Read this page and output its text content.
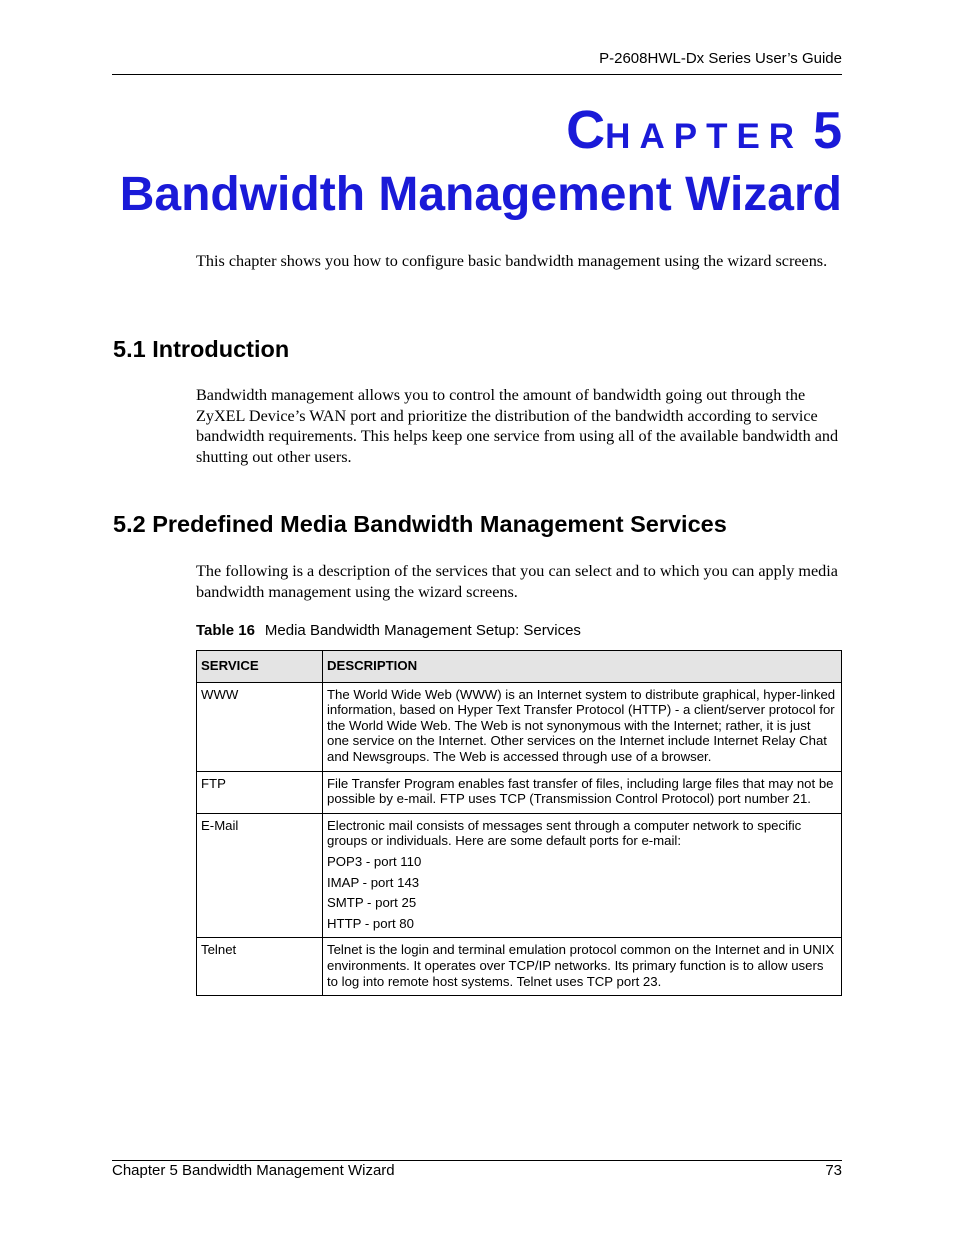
P-2608HWL-Dx Series User’s Guide
CHAPTER 5
Bandwidth Management Wizard
This chapter shows you how to configure basic bandwidth management using the wizard screens.
5.1 Introduction
Bandwidth management allows you to control the amount of bandwidth going out through the ZyXEL Device’s WAN port and prioritize the distribution of the bandwidth according to service bandwidth requirements. This helps keep one service from using all of the available bandwidth and shutting out other users.
5.2 Predefined Media Bandwidth Management Services
The following is a description of the services that you can select and to which you can apply media bandwidth management using the wizard screens.
Table 16 Media Bandwidth Management Setup: Services
SERVICE	DESCRIPTION
WWW	The World Wide Web (WWW) is an Internet system to distribute graphical, hyper-linked information, based on Hyper Text Transfer Protocol (HTTP) - a client/server protocol for the World Wide Web. The Web is not synonymous with the Internet; rather, it is just one service on the Internet. Other services on the Internet include Internet Relay Chat and Newsgroups. The Web is accessed through use of a browser.

FTP	File Transfer Program enables fast transfer of files, including large files that may not be possible by e-mail. FTP uses TCP (Transmission Control Protocol) port number 21.

E-Mail	Electronic mail consists of messages sent through a computer network to specific groups or individuals. Here are some default ports for e-mail:
POP3 - port 110
IMAP - port 143
SMTP - port 25
HTTP - port 80

Telnet	Telnet is the login and terminal emulation protocol common on the Internet and in UNIX environments. It operates over TCP/IP networks. Its primary function is to allow users to log into remote host systems. Telnet uses TCP port 23.
Chapter 5 Bandwidth Management Wizard	73
